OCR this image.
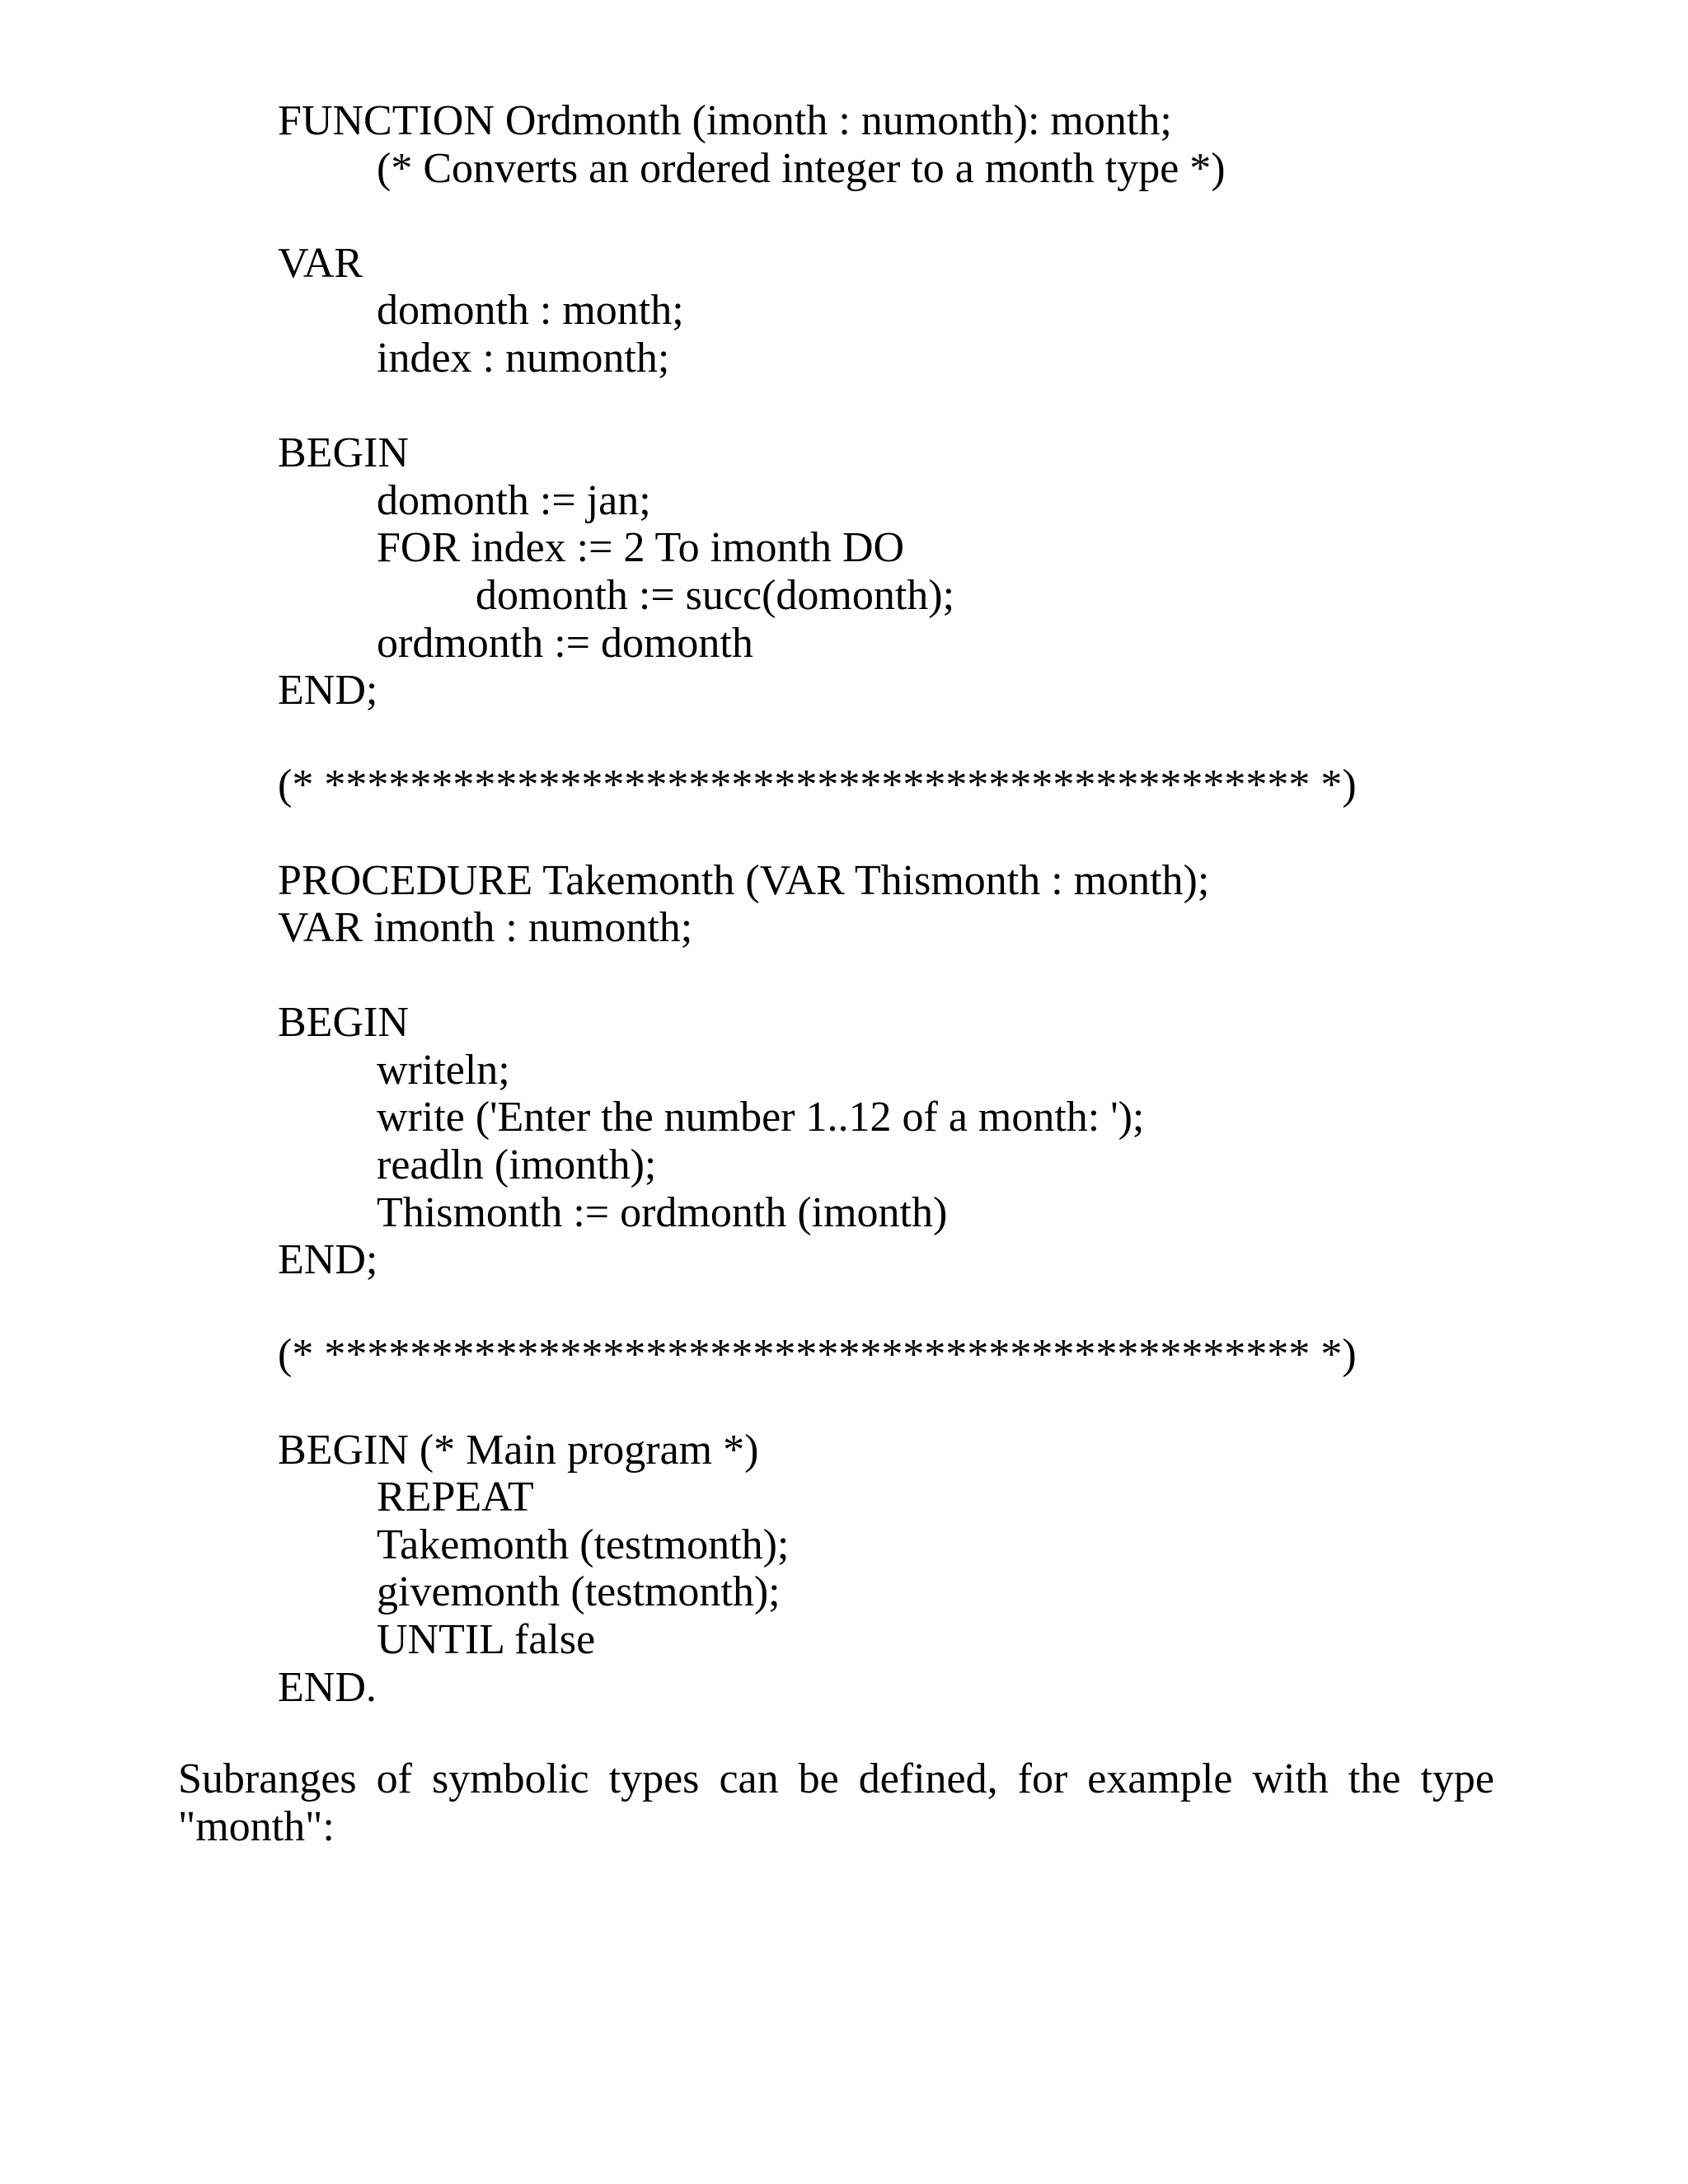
FUNCTION Ordmonth (imonth : numonth): month;
(* Converts an ordered integer to a month type *)
VAR
domonth : month;
index : numonth;
BEGIN
domonth := jan;
FOR index := 2 To imonth DO
domonth := succ(domonth);
ordmonth := domonth
END;
(* ********************************************** *)
PROCEDURE Takemonth (VAR Thismonth : month);
VAR imonth : numonth;
BEGIN
writeln;
write ('Enter the number 1..12 of a month: ');
readln (imonth);
Thismonth := ordmonth (imonth)
END;
(* ********************************************** *)
BEGIN (* Main program *)
REPEAT
Takemonth (testmonth);
givemonth (testmonth);
UNTIL false
END.
Subranges of symbolic types can be defined, for example with the type
"month":
